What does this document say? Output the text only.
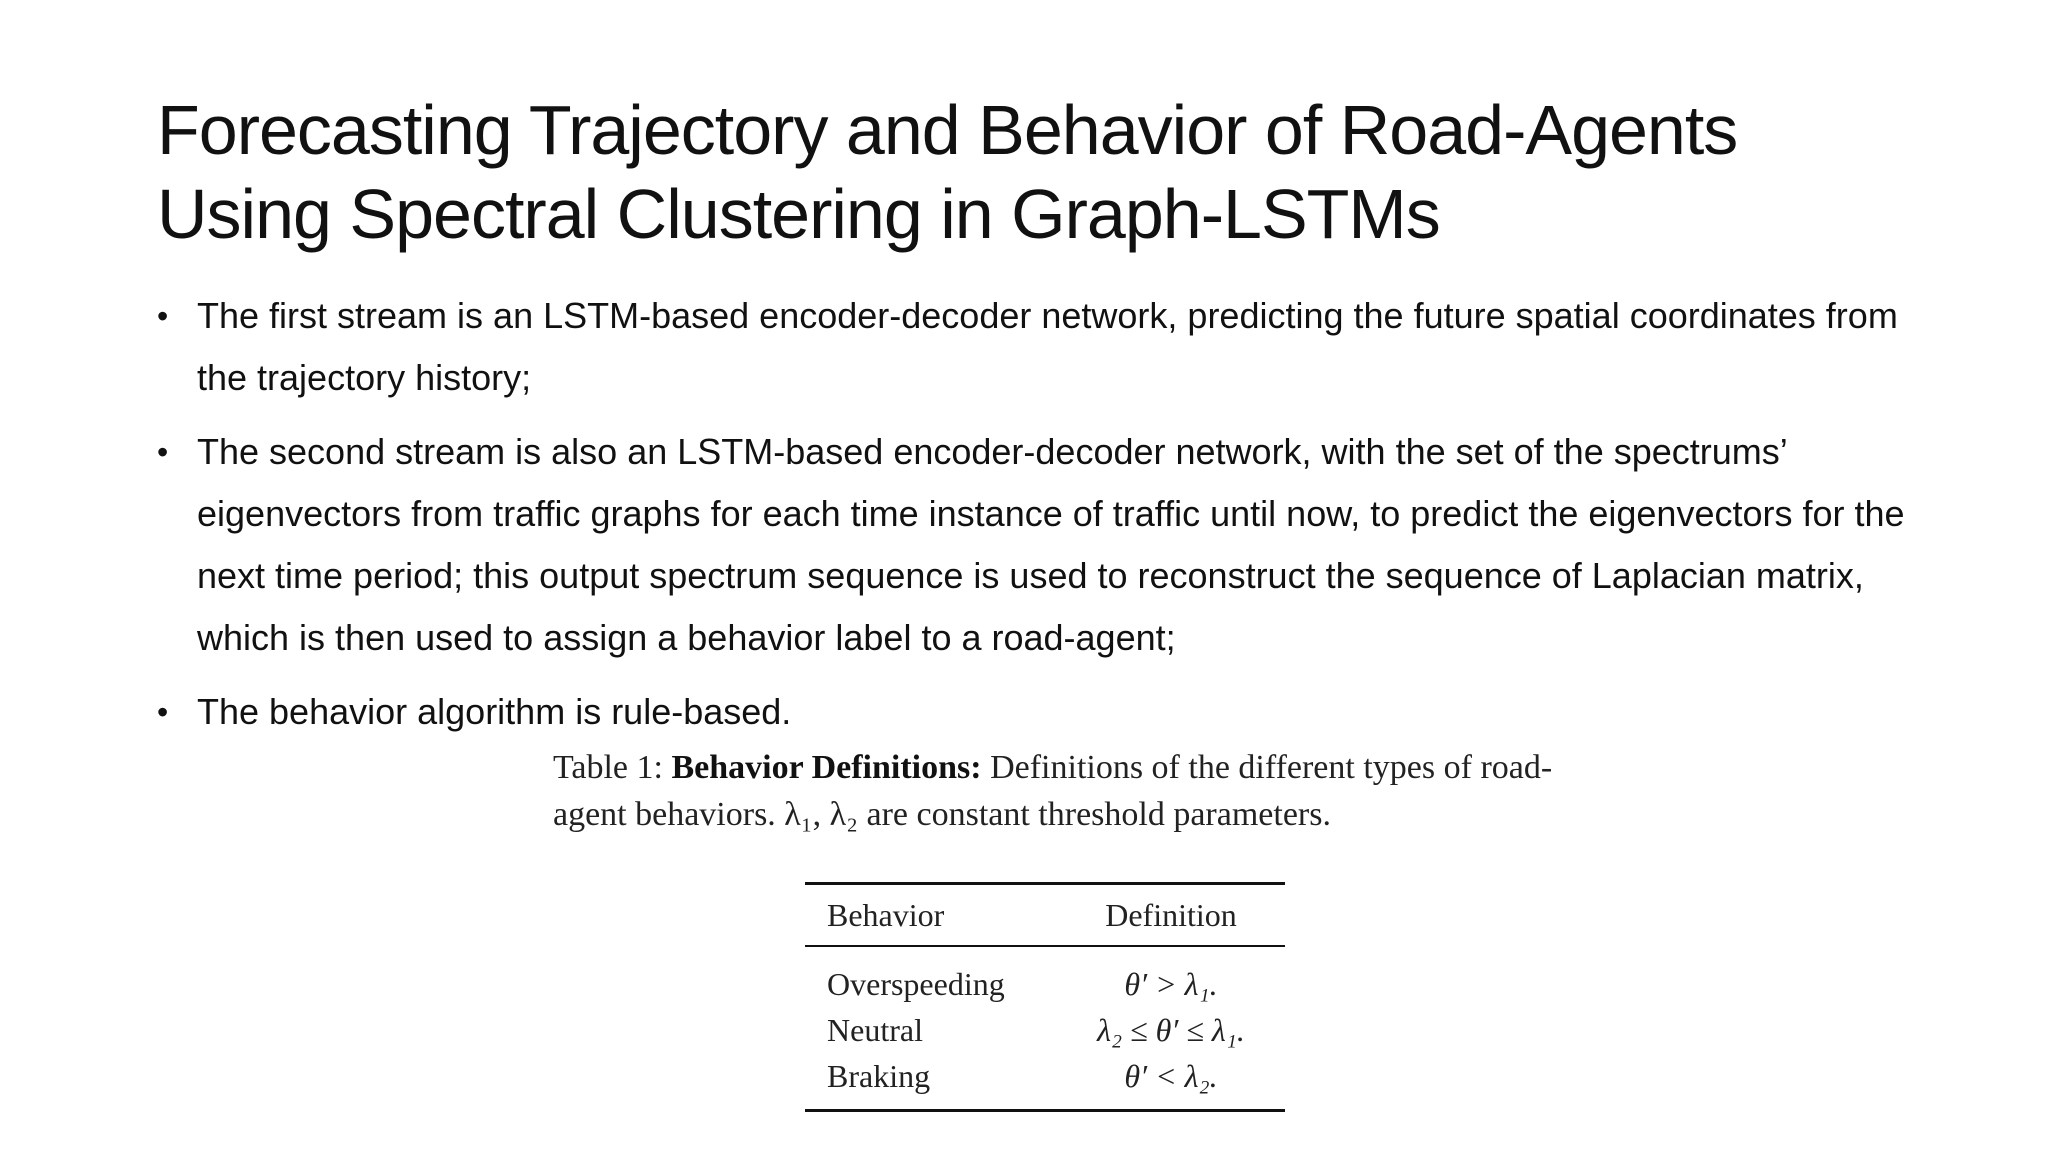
Forecasting Trajectory and Behavior of Road-Agents
Using Spectral Clustering in Graph-LSTMs
• The first stream is an LSTM-based encoder-decoder network, predicting the future spatial coordinates from the trajectory history;
• The second stream is also an LSTM-based encoder-decoder network, with the set of the spectrums’ eigenvectors from traffic graphs for each time instance of traffic until now, to predict the eigenvectors for the next time period; this output spectrum sequence is used to reconstruct the sequence of Laplacian matrix, which is then used to assign a behavior label to a road-agent;
• The behavior algorithm is rule-based.
Table 1: Behavior Definitions: Definitions of the different types of road-agent behaviors. λ₁, λ₂ are constant threshold parameters.
Behavior	Definition
Overspeeding	θ′ > λ₁.
Neutral	λ₂ ≤ θ′ ≤ λ₁.
Braking	θ′ < λ₂.
